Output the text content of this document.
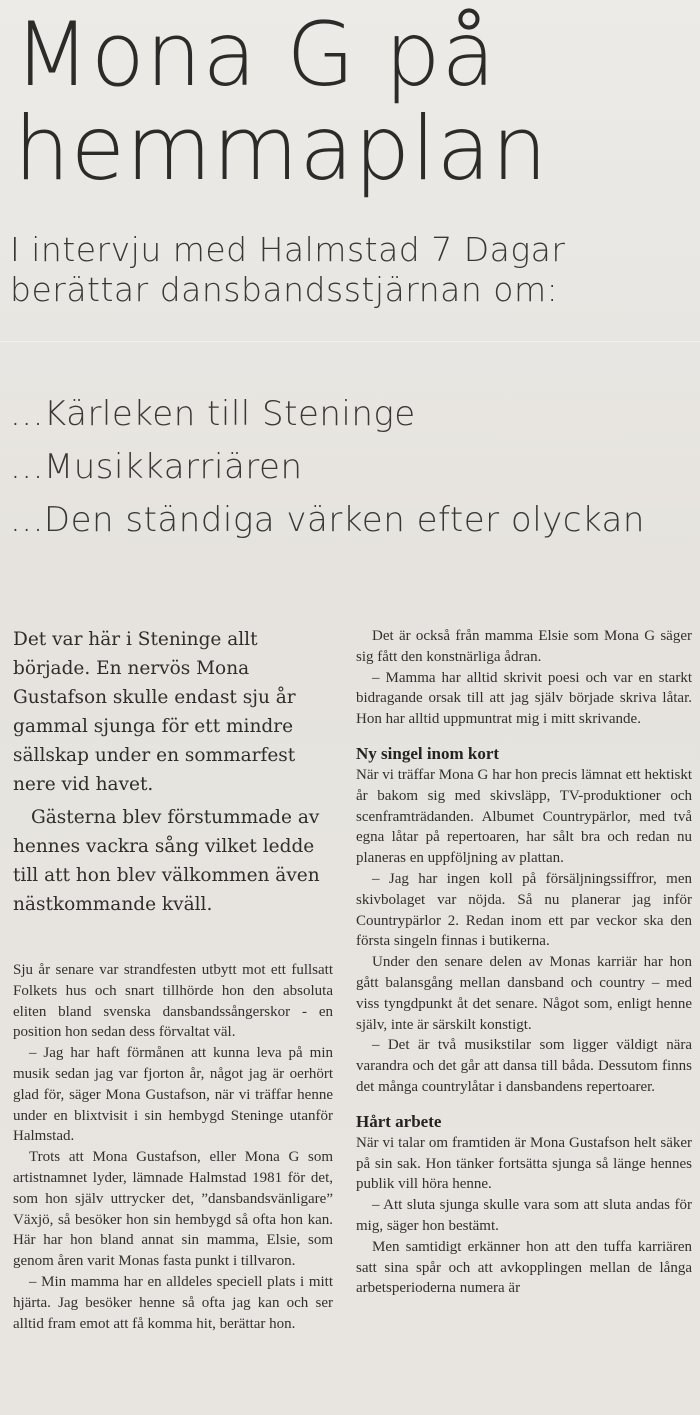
Mona G på
hemmaplan

I intervju med Halmstad 7 Dagar berättar dansbandsstjärnan om:

...Kärleken till Steninge
...Musikkarriären
...Den ständiga värken efter olyckan

Det var här i Steninge allt började. En nervös Mona Gustafson skulle endast sju år gammal sjunga för ett mindre sällskap under en sommarfest nere vid havet.

Gästerna blev förstummade av hennes vackra sång vilket ledde till att hon blev välkommen även nästkommande kväll.

Sju år senare var strandfesten utbytt mot ett fullsatt Folkets hus och snart tillhörde hon den absoluta eliten bland svenska dansbandssångerskor - en position hon sedan dess förvaltat väl.

– Jag har haft förmånen att kunna leva på min musik sedan jag var fjorton år, något jag är oerhört glad för, säger Mona Gustafson, när vi träffar henne under en blixtvisit i sin hembygd Steninge utanför Halmstad.

Trots att Mona Gustafson, eller Mona G som artistnamnet lyder, lämnade Halmstad 1981 för det, som hon själv uttrycker det, ”dansbandsvänligare” Växjö, så besöker hon sin hembygd så ofta hon kan. Här har hon bland annat sin mamma, Elsie, som genom åren varit Monas fasta punkt i tillvaron.

– Min mamma har en alldeles speciell plats i mitt hjärta. Jag besöker henne så ofta jag kan och ser alltid fram emot att få komma hit, berättar hon.

Det är också från mamma Elsie som Mona G säger sig fått den konstnärliga ådran.

– Mamma har alltid skrivit poesi och var en starkt bidragande orsak till att jag själv började skriva låtar. Hon har alltid uppmuntrat mig i mitt skrivande.

Ny singel inom kort

När vi träffar Mona G har hon precis lämnat ett hektiskt år bakom sig med skivsläpp, TV-produktioner och scenframträdanden. Albumet Countrypärlor, med två egna låtar på repertoaren, har sålt bra och redan nu planeras en uppföljning av plattan.

– Jag har ingen koll på försäljningssiffror, men skivbolaget var nöjda. Så nu planerar jag inför Countrypärlor 2. Redan inom ett par veckor ska den första singeln finnas i butikerna.

Under den senare delen av Monas karriär har hon gått balansgång mellan dansband och country – med viss tyngdpunkt åt det senare. Något som, enligt henne själv, inte är särskilt konstigt.

– Det är två musikstilar som ligger väldigt nära varandra och det går att dansa till båda. Dessutom finns det många countrylåtar i dansbandens repertoarer.

Hårt arbete

När vi talar om framtiden är Mona Gustafson helt säker på sin sak. Hon tänker fortsätta sjunga så länge hennes publik vill höra henne.

– Att sluta sjunga skulle vara som att sluta andas för mig, säger hon bestämt.

Men samtidigt erkänner hon att den tuffa karriären satt sina spår och att avkopplingen mellan de långa arbetsperioderna numera är
